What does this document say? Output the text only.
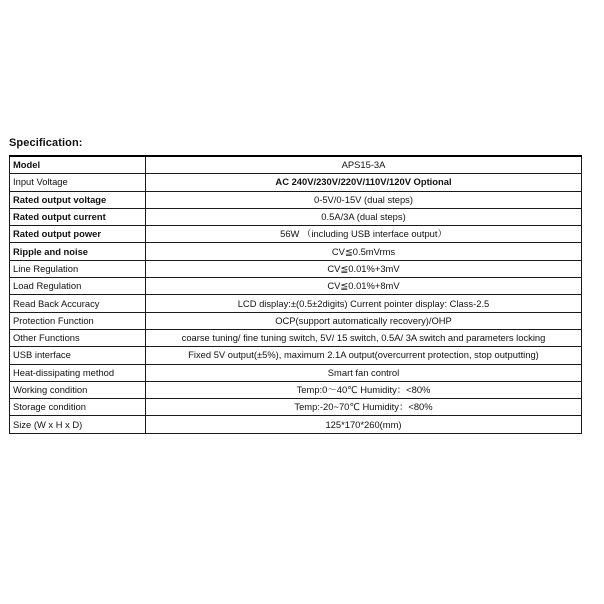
Specification:
Model	APS15-3A
Input Voltage	AC 240V/230V/220V/110V/120V Optional
Rated output voltage	0-5V/0-15V (dual steps)
Rated output current	0.5A/3A (dual steps)
Rated output power	56W （including USB interface output）
Ripple and noise	CV≦0.5mVrms
Line Regulation	CV≦0.01%+3mV
Load Regulation	CV≦0.01%+8mV
Read Back Accuracy	LCD display:±(0.5±2digits) Current pointer display: Class-2.5
Protection Function	OCP(support automatically recovery)/OHP
Other Functions	coarse tuning/ fine tuning switch, 5V/ 15 switch, 0.5A/ 3A switch and parameters locking
USB interface	Fixed 5V output(±5%), maximum 2.1A output(overcurrent protection, stop outputting)
Heat-dissipating method	Smart fan control
Working condition	Temp:0～40℃ Humidity：<80%
Storage condition	Temp:-20~70℃ Humidity：<80%
Size (W x H x D)	125*170*260(mm)
